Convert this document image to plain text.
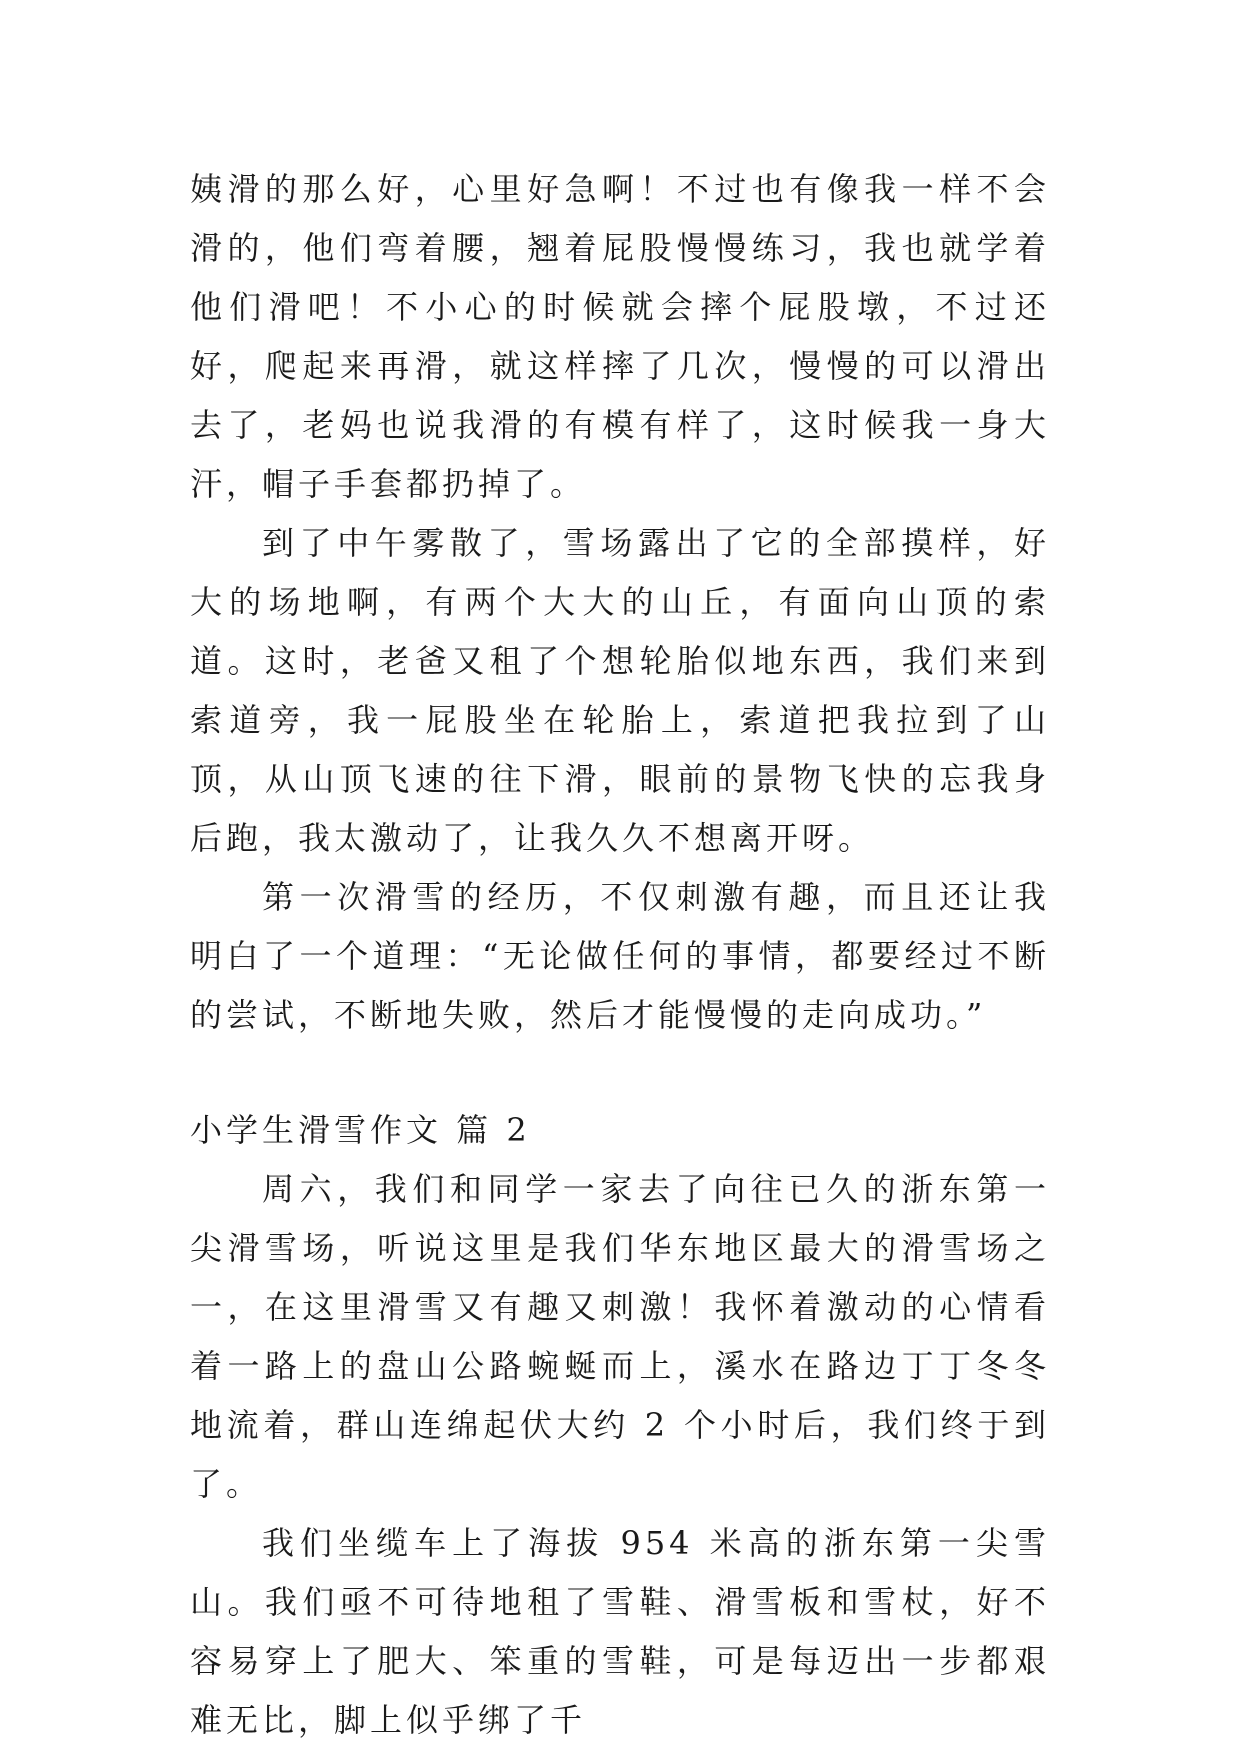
姨滑的那么好，心里好急啊！不过也有像我一样不会滑的，他们弯着腰，翘着屁股慢慢练习，我也就学着他们滑吧！不小心的时候就会摔个屁股墩，不过还好，爬起来再滑，就这样摔了几次，慢慢的可以滑出去了，老妈也说我滑的有模有样了，这时候我一身大汗，帽子手套都扔掉了。

到了中午雾散了，雪场露出了它的全部摸样，好大的场地啊，有两个大大的山丘，有面向山顶的索道。这时，老爸又租了个想轮胎似地东西，我们来到索道旁，我一屁股坐在轮胎上，索道把我拉到了山顶，从山顶飞速的往下滑，眼前的景物飞快的忘我身后跑，我太激动了，让我久久不想离开呀。

第一次滑雪的经历，不仅刺激有趣，而且还让我明白了一个道理：“无论做任何的事情，都要经过不断的尝试，不断地失败，然后才能慢慢的走向成功。”

小学生滑雪作文 篇 2

周六，我们和同学一家去了向往已久的浙东第一尖滑雪场，听说这里是我们华东地区最大的滑雪场之一，在这里滑雪又有趣又刺激！我怀着激动的心情看着一路上的盘山公路蜿蜒而上，溪水在路边丁丁冬冬地流着，群山连绵起伏大约 2 个小时后，我们终于到了。

我们坐缆车上了海拔 954 米高的浙东第一尖雪山。我们亟不可待地租了雪鞋、滑雪板和雪杖，好不容易穿上了肥大、笨重的雪鞋，可是每迈出一步都艰难无比，脚上似乎绑了千
